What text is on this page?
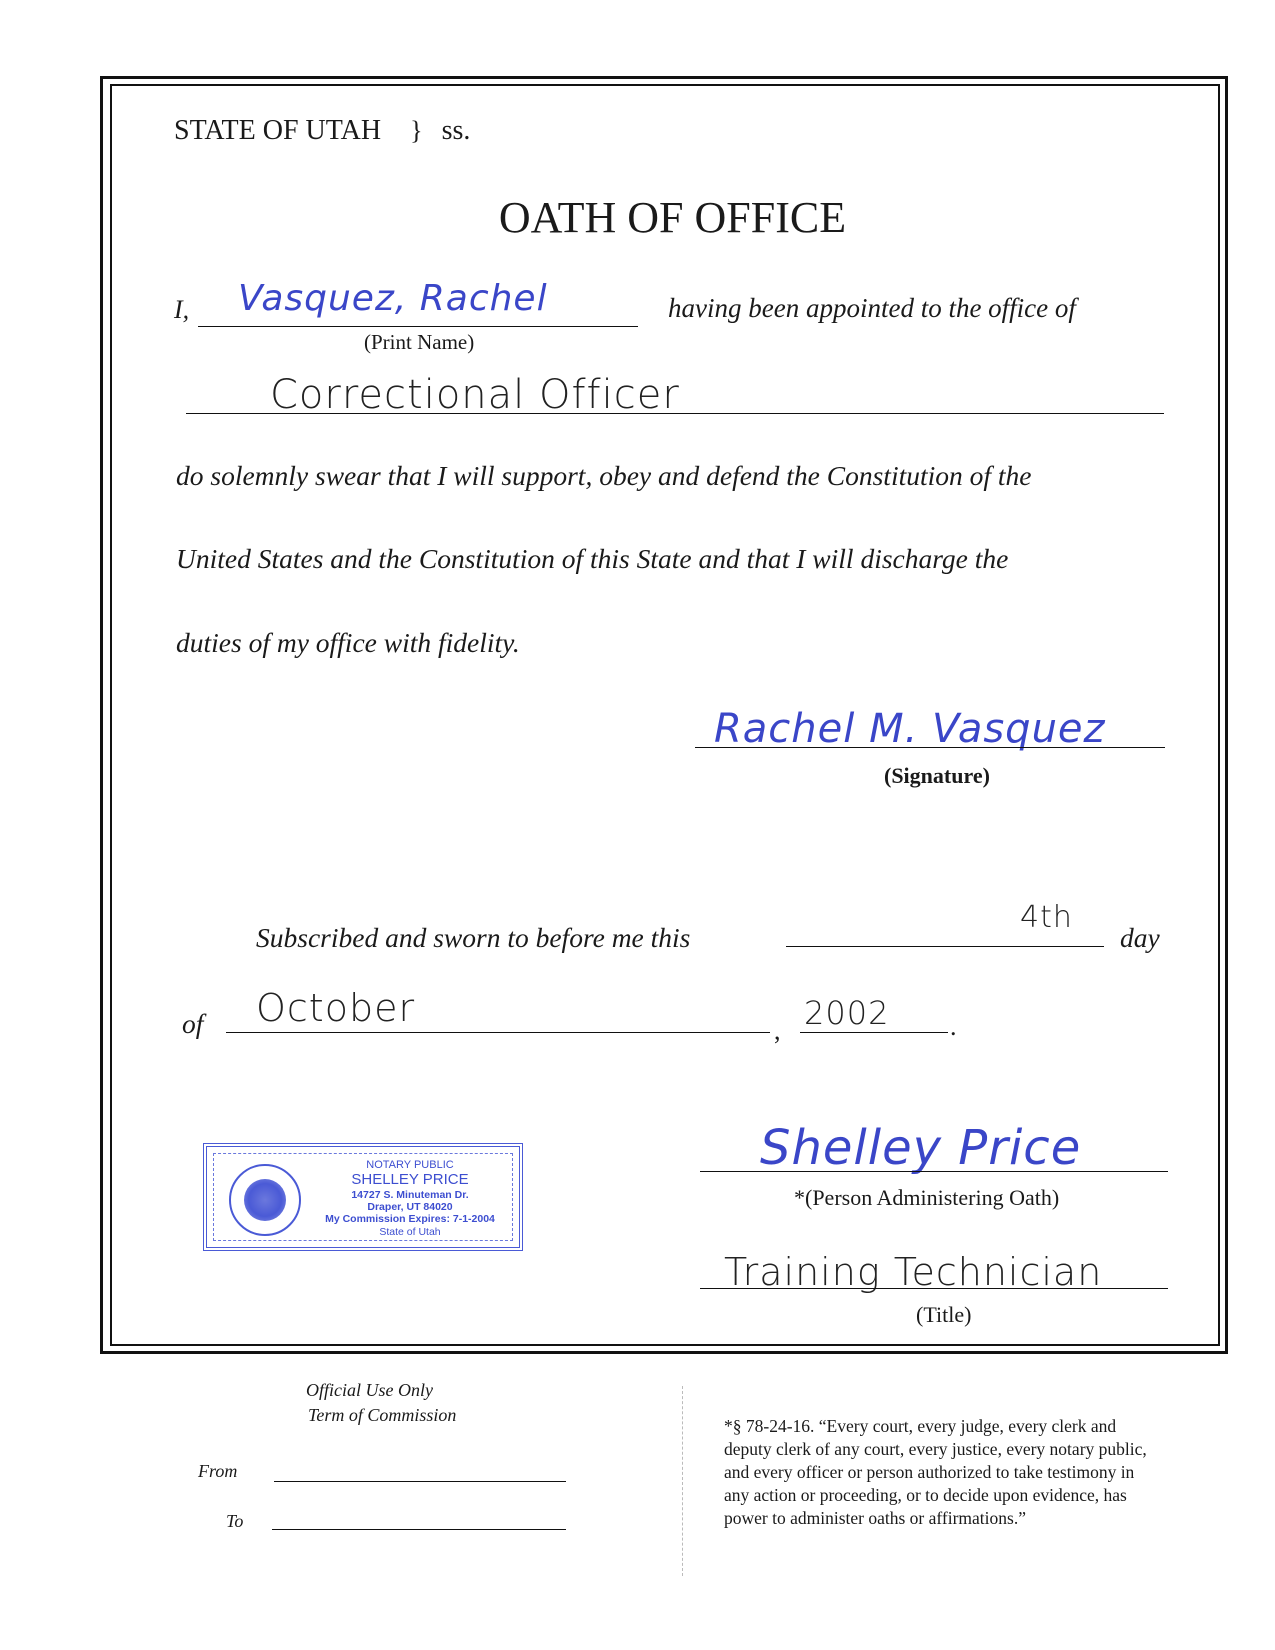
STATE OF UTAH } ss.
OATH OF OFFICE
I, Vasquez, Rachel
(Print Name)
having been appointed to the office of
Correctional Officer
do solemnly swear that I will support, obey and defend the Constitution of the
United States and the Constitution of this State and that I will discharge the
duties of my office with fidelity.
Rachel M. Vasquez
(Signature)
Subscribed and sworn to before me this
4th
day
of October
, 2002 .
NOTARY PUBLIC
SHELLEY PRICE
14727 S. Minuteman Dr.
Draper, UT 84020
My Commission Expires: 7-1-2004
State of Utah
Shelley Price
*(Person Administering Oath)
Training Technician
(Title)
Official Use Only
Term of Commission
From
To
*§ 78-24-16. “Every court, every judge, every clerk and
deputy clerk of any court, every justice, every notary public,
and every officer or person authorized to take testimony in
any action or proceeding, or to decide upon evidence, has
power to administer oaths or affirmations.”
